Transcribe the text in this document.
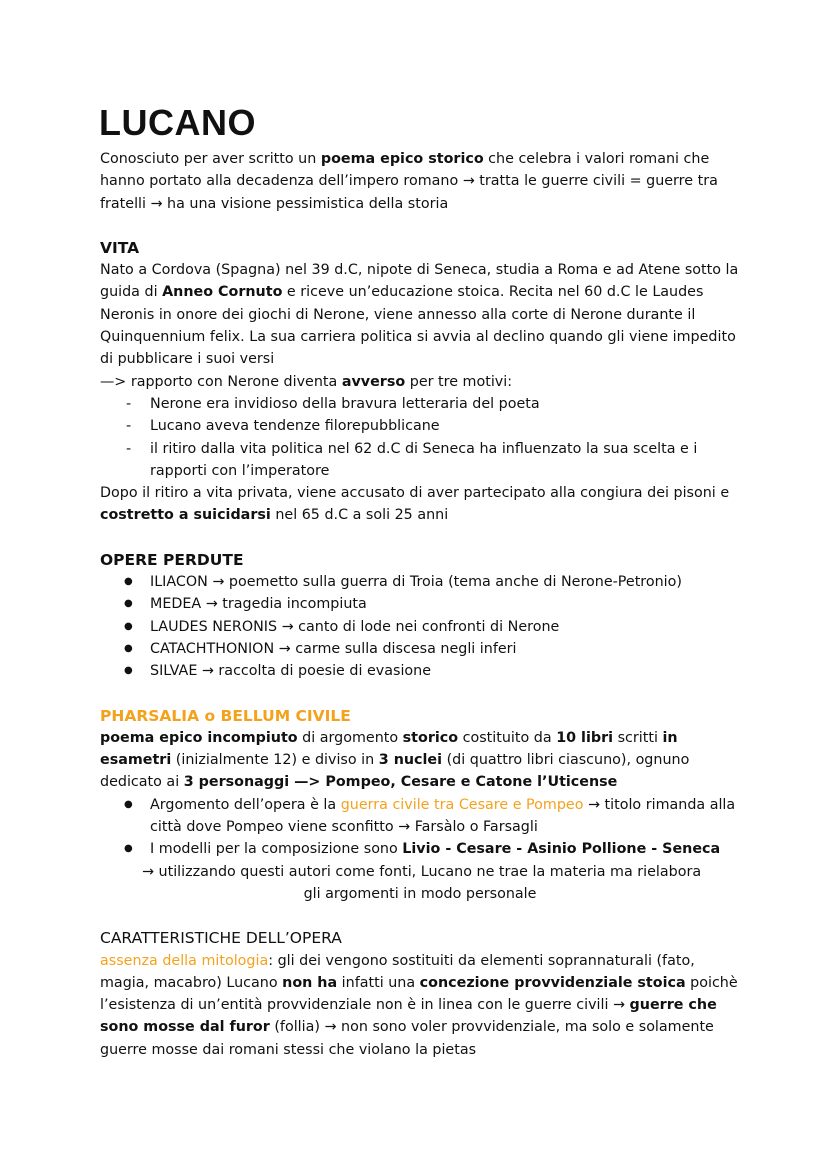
LUCANO

Conosciuto per aver scritto un poema epico storico che celebra i valori romani che hanno portato alla decadenza dell’impero romano → tratta le guerre civili = guerre tra fratelli → ha una visione pessimistica della storia

VITA

Nato a Cordova (Spagna) nel 39 d.C, nipote di Seneca, studia a Roma e ad Atene sotto la guida di Anneo Cornuto e riceve un’educazione stoica. Recita nel 60 d.C le Laudes Neronis in onore dei giochi di Nerone, viene annesso alla corte di Nerone durante il Quinquennium felix. La sua carriera politica si avvia al declino quando gli viene impedito di pubblicare i suoi versi

—> rapporto con Nerone diventa avverso per tre motivi:

- Nerone era invidioso della bravura letteraria del poeta
- Lucano aveva tendenze filorepubblicane
- il ritiro dalla vita politica nel 62 d.C di Seneca ha influenzato la sua scelta e i rapporti con l’imperatore

Dopo il ritiro a vita privata, viene accusato di aver partecipato alla congiura dei pisoni e costretto a suicidarsi nel 65 d.C a soli 25 anni

OPERE PERDUTE
● ILIACON → poemetto sulla guerra di Troia (tema anche di Nerone-Petronio)
● MEDEA → tragedia incompiuta
● LAUDES NERONIS → canto di lode nei confronti di Nerone
● CATACHTHONION → carme sulla discesa negli inferi
● SILVAE → raccolta di poesie di evasione
PHARSALIA o BELLUM CIVILE

poema epico incompiuto di argomento storico costituito da 10 libri scritti in esametri (inizialmente 12) e diviso in 3 nuclei (di quattro libri ciascuno), ognuno dedicato ai 3 personaggi —> Pompeo, Cesare e Catone l’Uticense

● Argomento dell’opera è la guerra civile tra Cesare e Pompeo → titolo rimanda alla città dove Pompeo viene sconfitto → Farsàlo o Farsagli
● I modelli per la composizione sono Livio - Cesare - Asinio Pollione - Seneca

→ utilizzando questi autori come fonti, Lucano ne trae la materia ma rielabora

gli argomenti in modo personale

CARATTERISTICHE DELL’OPERA

assenza della mitologia: gli dei vengono sostituiti da elementi soprannaturali (fato, magia, macabro) Lucano non ha infatti una concezione provvidenziale stoica poichè l’esistenza di un’entità provvidenziale non è in linea con le guerre civili → guerre che sono mosse dal furor (follia) → non sono voler provvidenziale, ma solo e solamente guerre mosse dai romani stessi che violano la pietas
